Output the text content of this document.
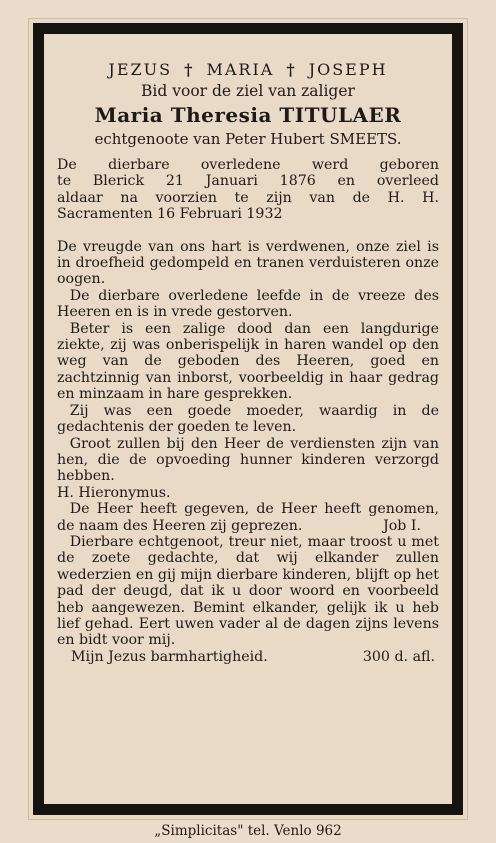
JEZUS † MARIA † JOSEPH
Bid voor de ziel van zaliger
Maria Theresia TITULAER
echtgenoote van Peter Hubert SMEETS.

De dierbare overledene werd geboren

te Blerick 21 Januari 1876 en overleed

aldaar na voorzien te zijn van de H. H.

Sacramenten 16 Februari 1932

De vreugde van ons hart is verdwenen, onze ziel is in droefheid gedompeld en tranen verduisteren onze oogen.

De dierbare overledene leefde in de vreeze des Heeren en is in vrede gestorven.

Beter is een zalige dood dan een langdurige ziekte, zij was onberispelijk in haren wandel op den weg van de geboden des Heeren, goed en zachtzinnig van inborst, voorbeeldig in haar gedrag en minzaam in hare gesprekken.

Zij was een goede moeder, waardig in de gedachtenis der goeden te leven.

Groot zullen bij den Heer de verdiensten zijn van hen, die de opvoeding hunner kinderen verzorgd hebben.

H. Hieronymus.

De Heer heeft gegeven, de Heer heeft genomen, de naam des Heeren zij geprezen.	Job I.

Dierbare echtgenoot, treur niet, maar troost u met de zoete gedachte, dat wij elkander zullen wederzien en gij mijn dierbare kinderen, blijft op het pad der deugd, dat ik u door woord en voorbeeld heb aangewezen. Bemint elkander, gelijk ik u heb lief gehad. Eert uwen vader al de dagen zijns levens en bidt voor mij.

Mijn Jezus barmhartigheid.	300 d. afl.
„Simplicitas" tel. Venlo 962
